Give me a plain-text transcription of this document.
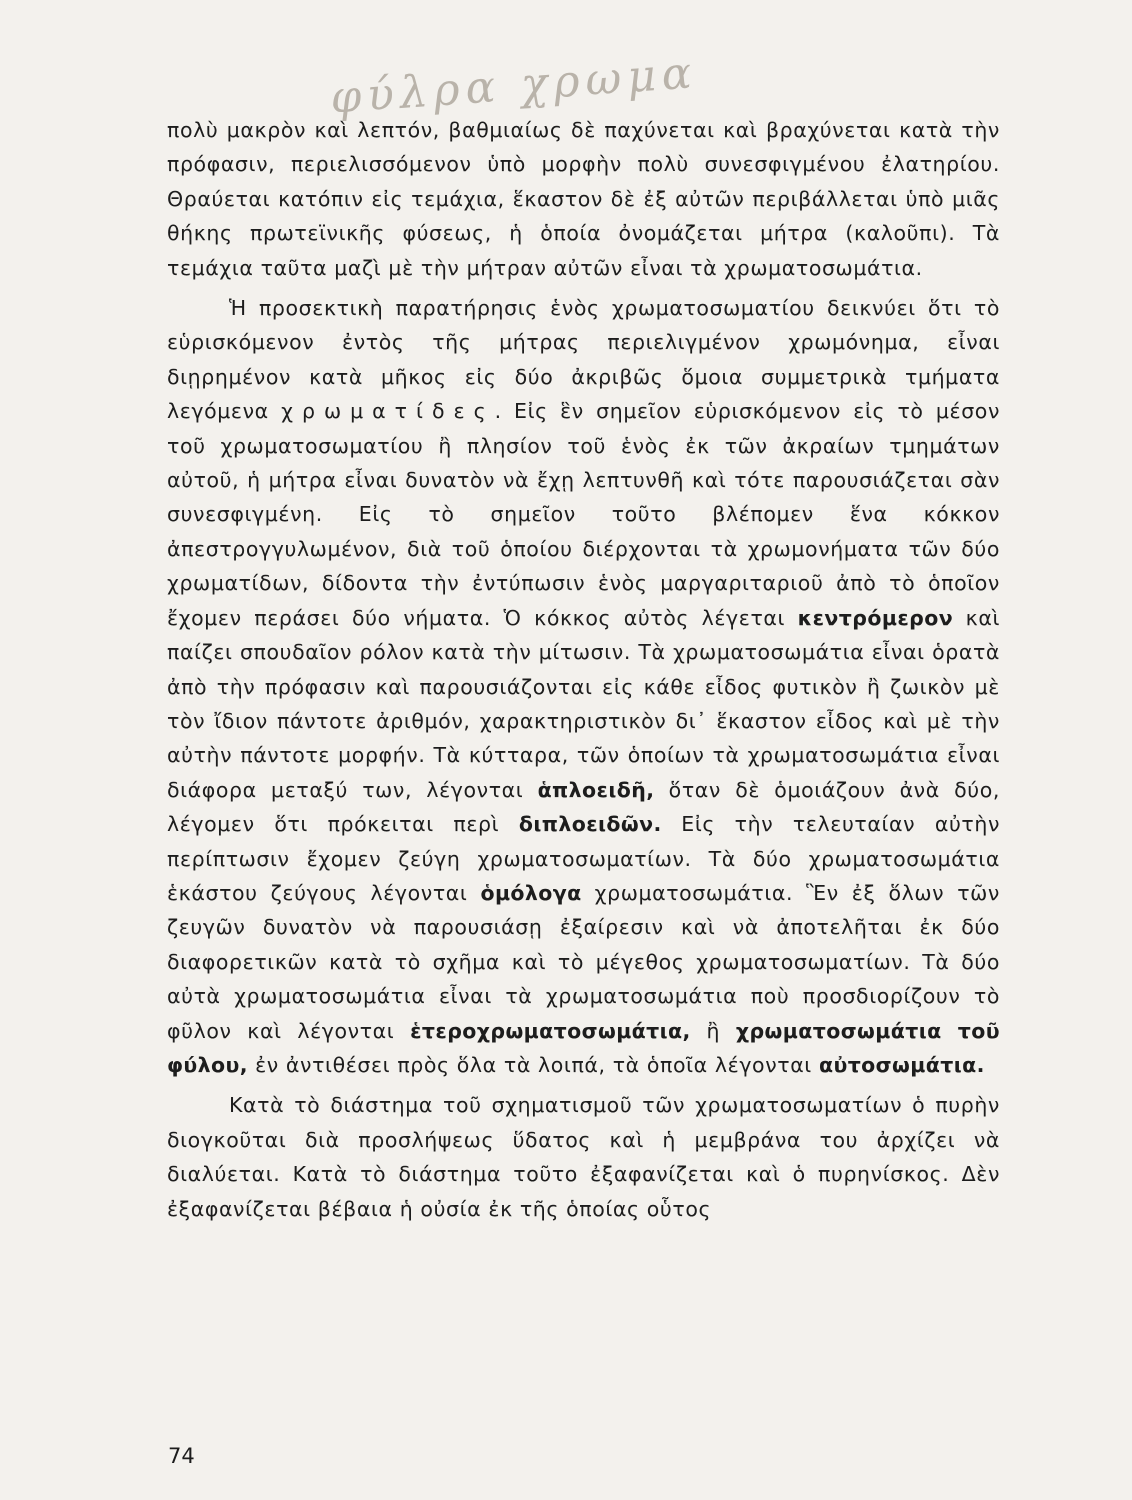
φύλρα χρωμα

πολὺ μακρὸν καὶ λεπτόν, βαθμιαίως δὲ παχύνεται καὶ βραχύνεται κατὰ τὴν πρόφασιν, περιελισσόμενον ὑπὸ μορφὴν πολὺ συνεσφιγμένου ἐλατηρίου. Θραύεται κατόπιν εἰς τεμάχια, ἕκαστον δὲ ἐξ αὐτῶν περιβάλλεται ὑπὸ μιᾶς θήκης πρωτεϊνικῆς φύσεως, ἡ ὁποία ὀνομάζεται μήτρα (καλοῦπι). Τὰ τεμάχια ταῦτα μαζὶ μὲ τὴν μήτραν αὐτῶν εἶναι τὰ χρωματοσωμάτια.

Ἡ προσεκτικὴ παρατήρησις ἑνὸς χρωματοσωματίου δεικνύει ὅτι τὸ εὑρισκόμενον ἐντὸς τῆς μήτρας περιελιγμένον χρωμόνημα, εἶναι διῃρημένον κατὰ μῆκος εἰς δύο ἀκριβῶς ὅμοια συμμετρικὰ τμήματα λεγόμενα χρωματίδες. Εἰς ἓν σημεῖον εὑρισκόμενον εἰς τὸ μέσον τοῦ χρωματοσωματίου ἢ πλησίον τοῦ ἑνὸς ἐκ τῶν ἀκραίων τμημάτων αὐτοῦ, ἡ μήτρα εἶναι δυνατὸν νὰ ἔχῃ λεπτυνθῆ καὶ τότε παρουσιάζεται σὰν συνεσφιγμένη. Εἰς τὸ σημεῖον τοῦτο βλέπομεν ἕνα κόκκον ἀπεστρογγυλωμένον, διὰ τοῦ ὁποίου διέρχονται τὰ χρωμονήματα τῶν δύο χρωματίδων, δίδοντα τὴν ἐντύπωσιν ἑνὸς μαργαριταριοῦ ἀπὸ τὸ ὁποῖον ἔχομεν περάσει δύο νήματα. Ὁ κόκκος αὐτὸς λέγεται κεντρόμερον καὶ παίζει σπουδαῖον ρόλον κατὰ τὴν μίτωσιν. Τὰ χρωματοσωμάτια εἶναι ὁρατὰ ἀπὸ τὴν πρόφασιν καὶ παρουσιάζονται εἰς κάθε εἶδος φυτικὸν ἢ ζωικὸν μὲ τὸν ἴδιον πάντοτε ἀριθμόν, χαρακτηριστικὸν δι᾽ ἕκαστον εἶδος καὶ μὲ τὴν αὐτὴν πάντοτε μορφήν. Τὰ κύτταρα, τῶν ὁποίων τὰ χρωματοσωμάτια εἶναι διάφορα μεταξύ των, λέγονται ἁπλοειδῆ, ὅταν δὲ ὁμοιάζουν ἀνὰ δύο, λέγομεν ὅτι πρόκειται περὶ διπλοειδῶν. Εἰς τὴν τελευταίαν αὐτὴν περίπτωσιν ἔχομεν ζεύγη χρωματοσωματίων. Τὰ δύο χρωματοσωμάτια ἑκάστου ζεύγους λέγονται ὁμόλογα χρωματοσωμάτια. Ἓν ἐξ ὅλων τῶν ζευγῶν δυνατὸν νὰ παρουσιάσῃ ἐξαίρεσιν καὶ νὰ ἀποτελῆται ἐκ δύο διαφορετικῶν κατὰ τὸ σχῆμα καὶ τὸ μέγεθος χρωματοσωματίων. Τὰ δύο αὐτὰ χρωματοσωμάτια εἶναι τὰ χρωματοσωμάτια ποὺ προσδιορίζουν τὸ φῦλον καὶ λέγονται ἑτεροχρωματοσωμάτια, ἢ χρωματοσωμάτια τοῦ φύλου, ἐν ἀντιθέσει πρὸς ὅλα τὰ λοιπά, τὰ ὁποῖα λέγονται αὐτοσωμάτια.

Κατὰ τὸ διάστημα τοῦ σχηματισμοῦ τῶν χρωματοσωματίων ὁ πυρὴν διογκοῦται διὰ προσλήψεως ὕδατος καὶ ἡ μεμβράνα του ἀρχίζει νὰ διαλύεται. Κατὰ τὸ διάστημα τοῦτο ἐξαφανίζεται καὶ ὁ πυρηνίσκος. Δὲν ἐξαφανίζεται βέβαια ἡ οὐσία ἐκ τῆς ὁποίας οὗτος

74
